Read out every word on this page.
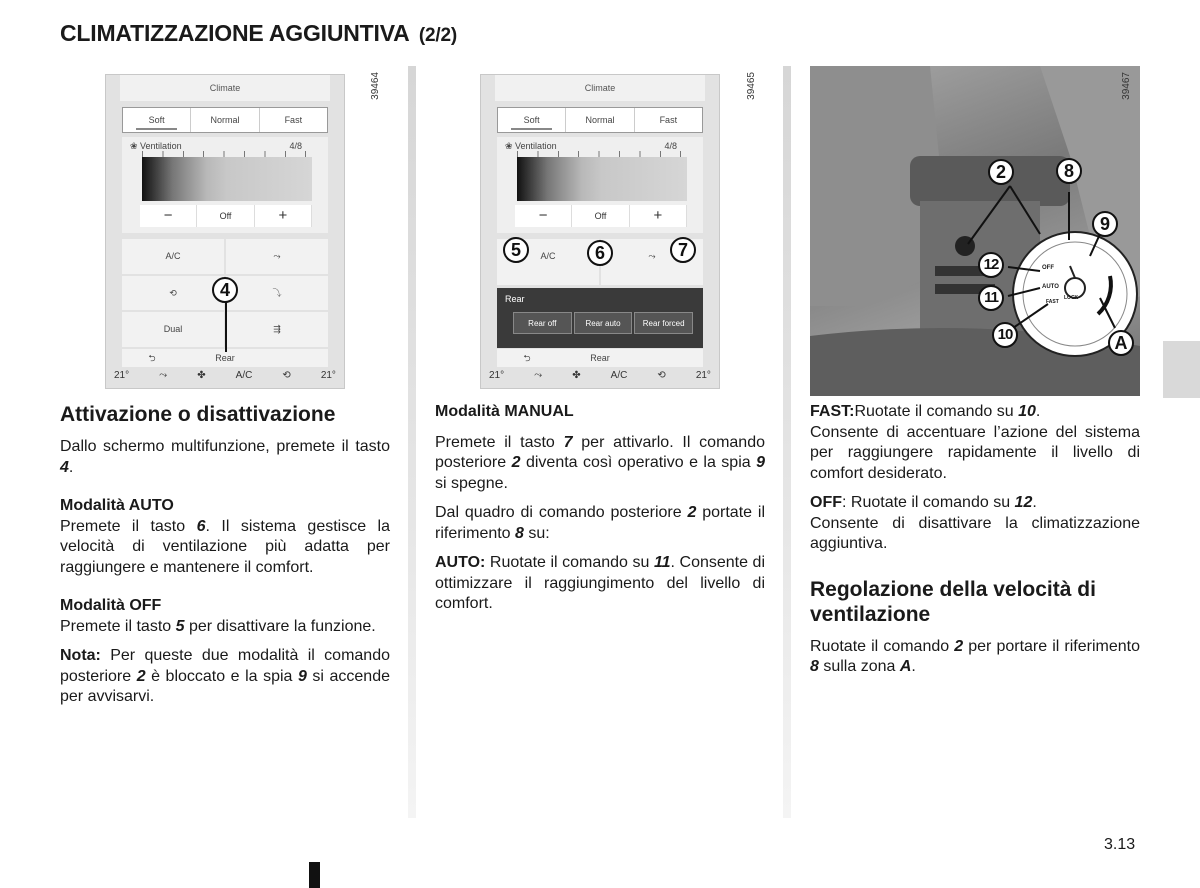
CLIMATIZZAZIONE AGGIUNTIVA (2/2)
Climate
Soft	Normal	Fast
❀ Ventilation	4/8
−	Off	+
A/C	⤳
⟲	⤵
Dual	⇶
⮌	Rear
21°	⤳	✤	A/C	⟲	21°
39464
4
Climate
Soft	Normal	Fast
❀ Ventilation	4/8
−	Off	+
A/C	⤳
Rear
Rear off	Rear auto	Rear forced
⮌	Rear
21°	⤳	✤	A/C	⟲	21°
39465
5	6	7
OFF
AUTO
FAST
LOCK
39467
2	8
9
12
11
10	A
Attivazione o disattivazione

Dallo schermo multifunzione, premete il tasto 4.

Modalità AUTO
Premete il tasto 6. Il sistema gestisce la velocità di ventilazione più adatta per raggiungere e mantenere il comfort.

Modalità OFF
Premete il tasto 5 per disattivare la funzione.

Nota: Per queste due modalità il comando posteriore 2 è bloccato e la spia 9 si accende per avvisarvi.

Modalità MANUAL

Premete il tasto 7 per attivarlo. Il comando posteriore 2 diventa così operativo e la spia 9 si spegne.

Dal quadro di comando posteriore 2 portate il riferimento 8 su:

AUTO: Ruotate il comando su 11. Consente di ottimizzare il raggiungimento del livello di comfort.

FAST:Ruotate il comando su 10.
Consente di accentuare l’azione del sistema per raggiungere rapidamente il livello di comfort desiderato.

OFF: Ruotate il comando su 12.
Consente di disattivare la climatizzazione aggiuntiva.

Regolazione della velocità di ventilazione

Ruotate il comando 2 per portare il riferimento 8 sulla zona A.

3.13
